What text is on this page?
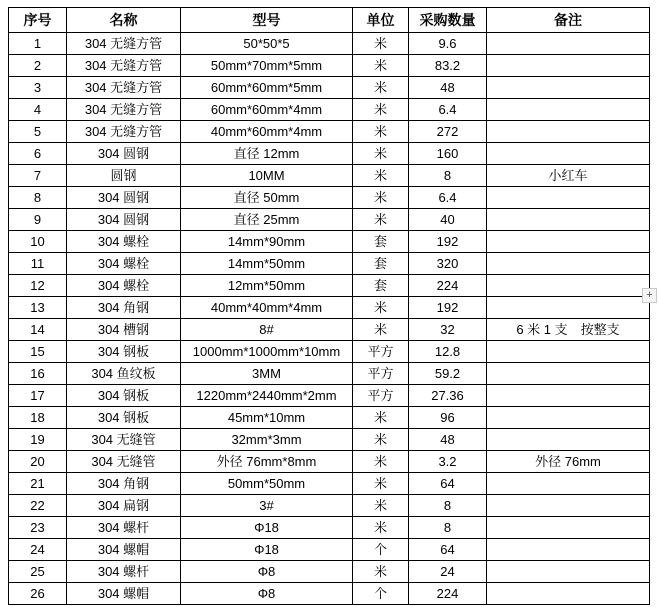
序号	名称	型号	单位	采购数量	备注
1	304 无缝方管	50*50*5	米	9.6	
2	304 无缝方管	50mm*70mm*5mm	米	83.2	
3	304 无缝方管	60mm*60mm*5mm	米	48	
4	304 无缝方管	60mm*60mm*4mm	米	6.4	
5	304 无缝方管	40mm*60mm*4mm	米	272	
6	304 圆钢	直径 12mm	米	160	
7	圆钢	10MM	米	8	小红车
8	304 圆钢	直径 50mm	米	6.4	
9	304 圆钢	直径 25mm	米	40	
10	304 螺栓	14mm*90mm	套	192	
11	304 螺栓	14mm*50mm	套	320	
12	304 螺栓	12mm*50mm	套	224	
13	304 角钢	40mm*40mm*4mm	米	192	
14	304 槽钢	8#	米	32	6 米 1 支　按整支
15	304 钢板	1000mm*1000mm*10mm	平方	12.8	
16	304 鱼纹板	3MM	平方	59.2	
17	304 钢板	1220mm*2440mm*2mm	平方	27.36	
18	304 钢板	45mm*10mm	米	96	
19	304 无缝管	32mm*3mm	米	48	
20	304 无缝管	外径 76mm*8mm	米	3.2	外径 76mm
21	304 角钢	50mm*50mm	米	64	
22	304 扁钢	3#	米	8	
23	304 螺杆	Φ18	米	8	
24	304 螺帽	Φ18	个	64	
25	304 螺杆	Φ8	米	24	
26	304 螺帽	Φ8	个	224	
+
